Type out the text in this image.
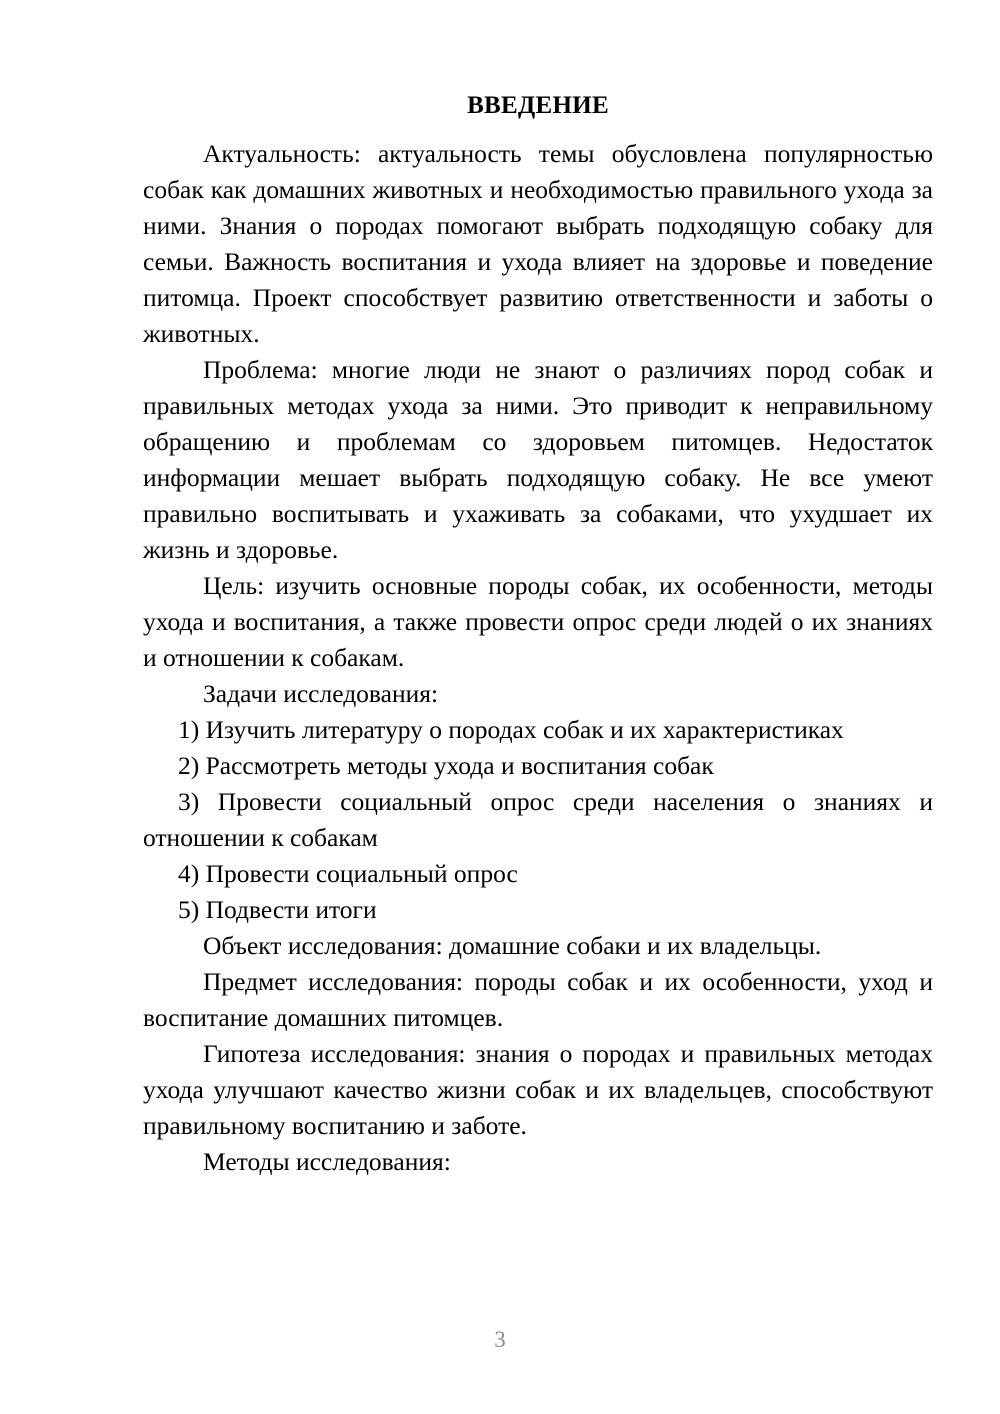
ВВЕДЕНИЕ

Актуальность: актуальность темы обусловлена популярностью собак как домашних животных и необходимостью правильного ухода за ними. Знания о породах помогают выбрать подходящую собаку для семьи. Важность воспитания и ухода влияет на здоровье и поведение питомца. Проект способствует развитию ответственности и заботы о животных.

Проблема: многие люди не знают о различиях пород собак и правильных методах ухода за ними. Это приводит к неправильному обращению и проблемам со здоровьем питомцев. Недостаток информации мешает выбрать подходящую собаку. Не все умеют правильно воспитывать и ухаживать за собаками, что ухудшает их жизнь и здоровье.

Цель: изучить основные породы собак, их особенности, методы ухода и воспитания, а также провести опрос среди людей о их знаниях и отношении к собакам.

Задачи исследования:

1) Изучить литературу о породах собак и их характеристиках

2) Рассмотреть методы ухода и воспитания собак

3) Провести социальный опрос среди населения о знаниях и отношении к собакам

4) Провести социальный опрос

5) Подвести итоги

Объект исследования: домашние собаки и их владельцы.

Предмет исследования: породы собак и их особенности, уход и воспитание домашних питомцев.

Гипотеза исследования: знания о породах и правильных методах ухода улучшают качество жизни собак и их владельцев, способствуют правильному воспитанию и заботе.

Методы исследования:

3
